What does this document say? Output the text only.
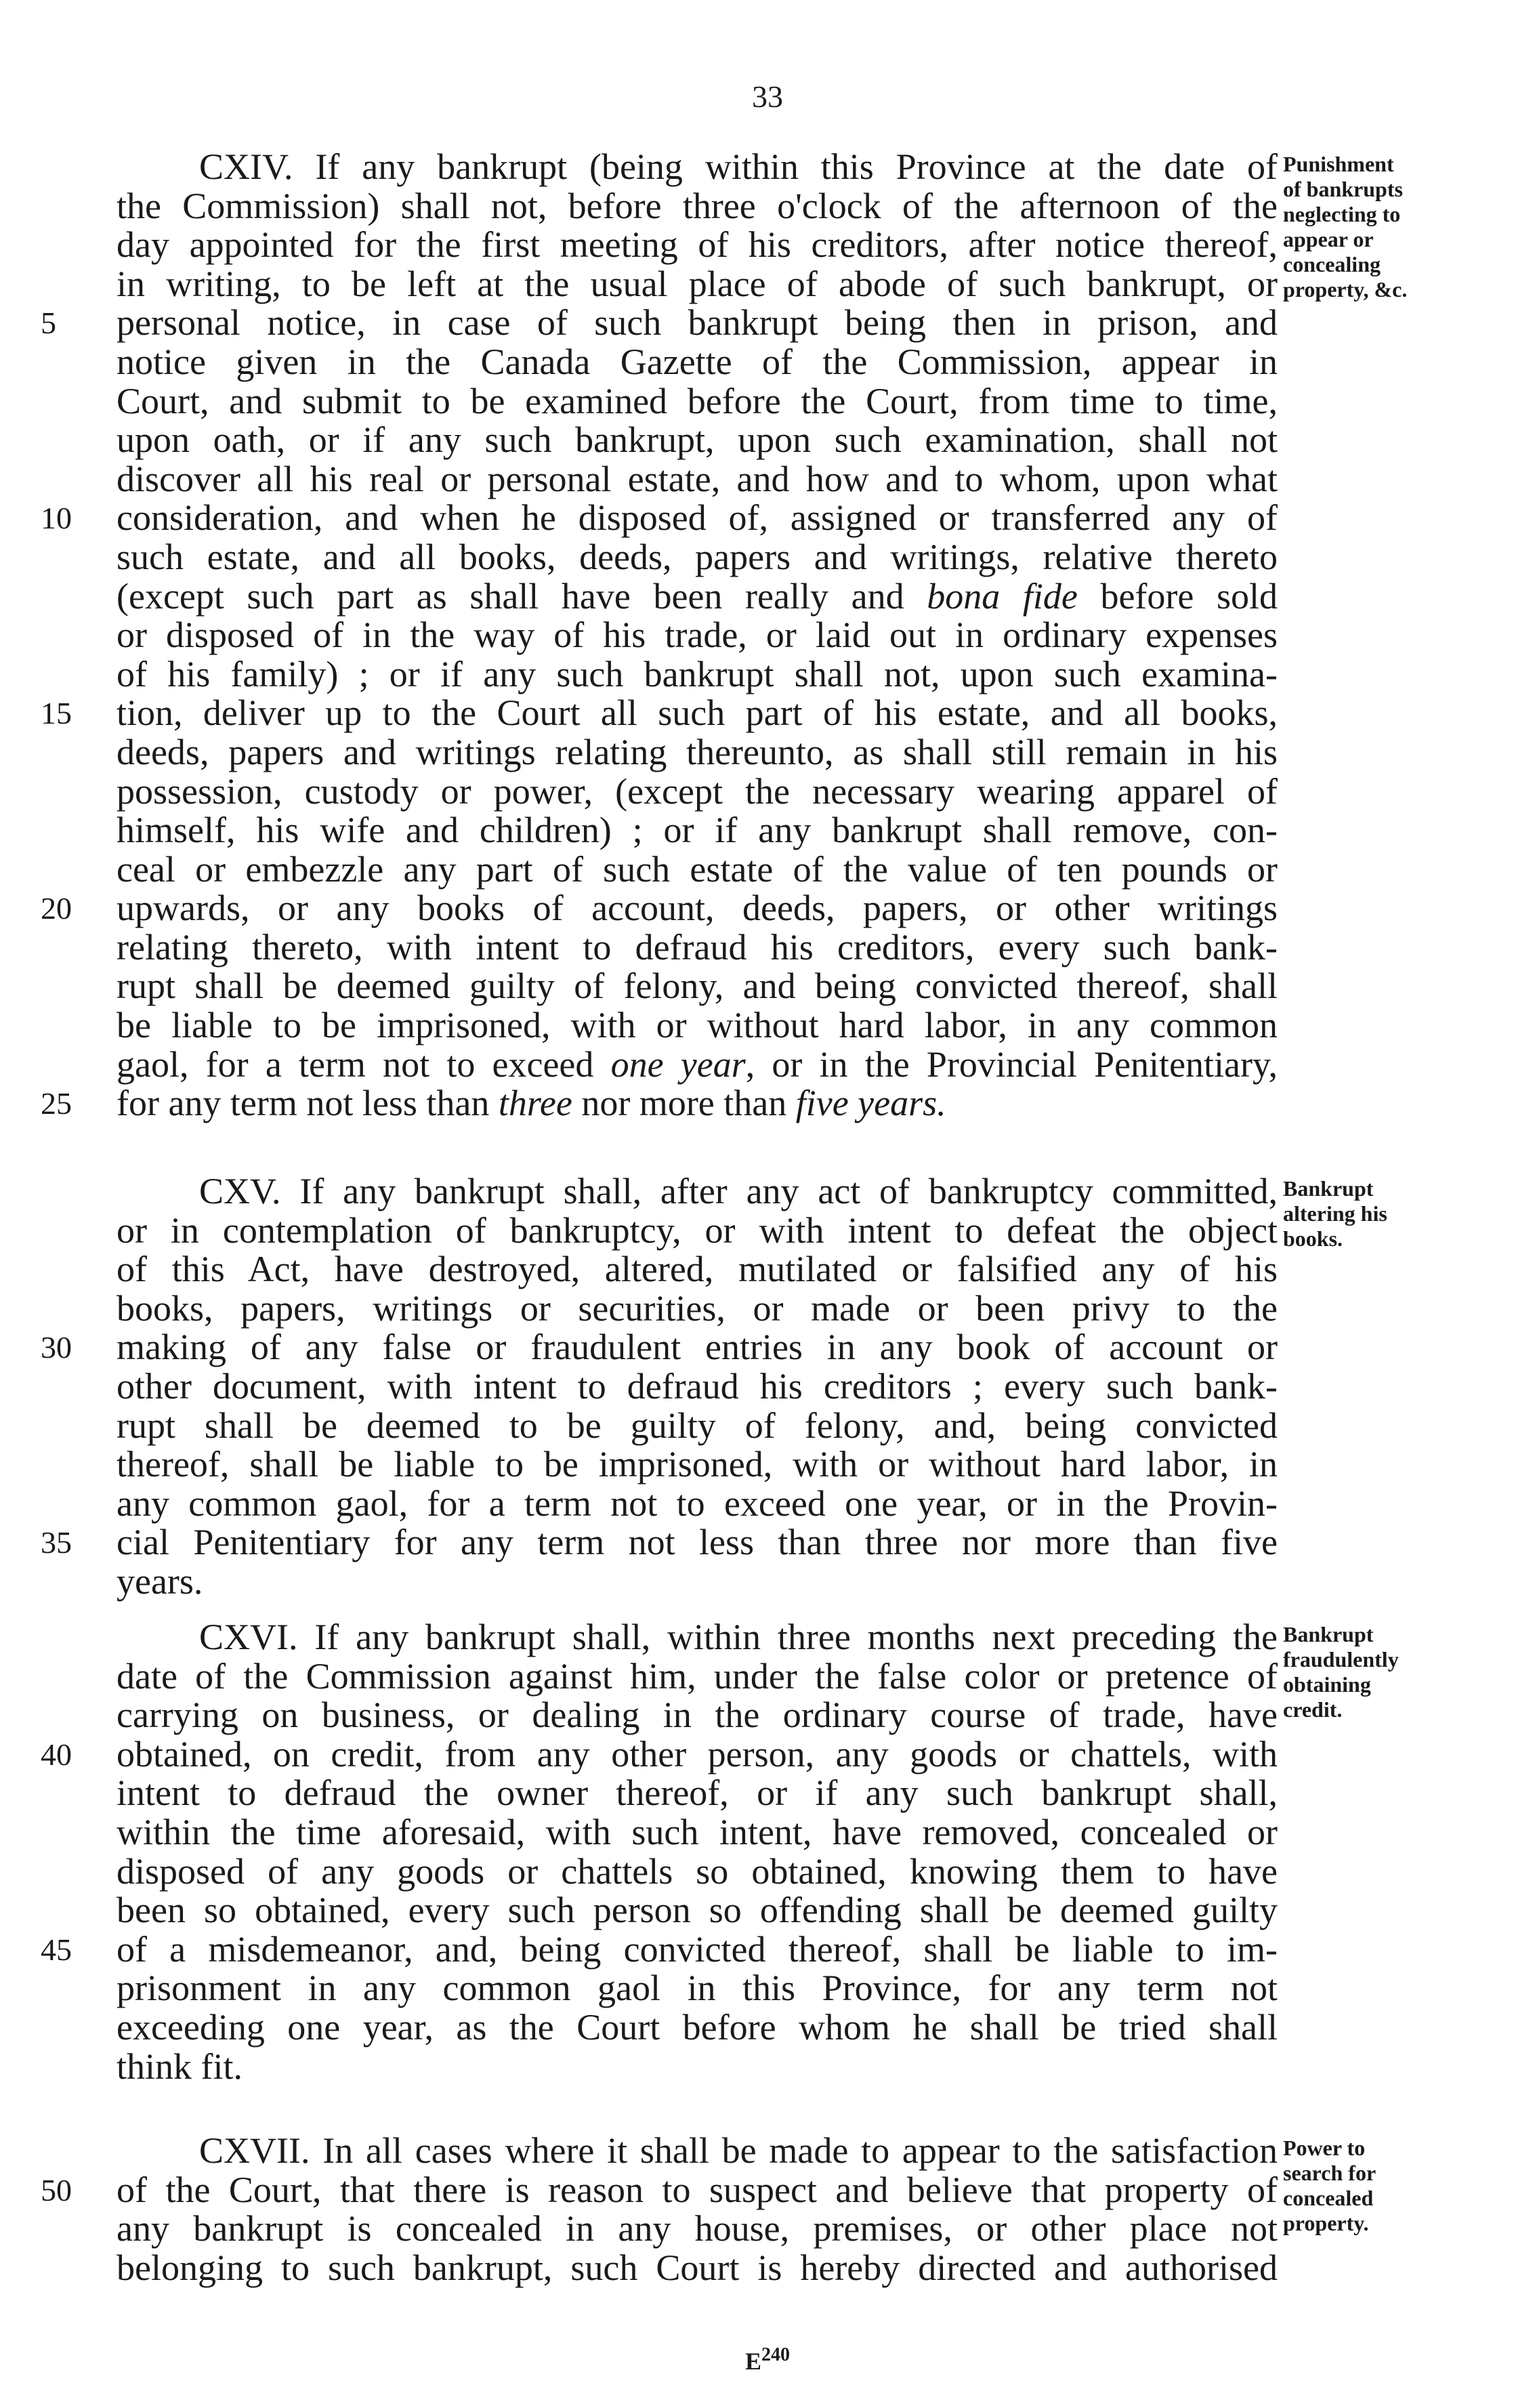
33
CXIV. If any bankrupt (being within this Province at the date of
the Commission) shall not, before three o'clock of the afternoon of the
day appointed for the first meeting of his creditors, after notice thereof,
in writing, to be left at the usual place of abode of such bankrupt, or
personal notice, in case of such bankrupt being then in prison, and
5
notice given in the Canada Gazette of the Commission, appear in
Court, and submit to be examined before the Court, from time to time,
upon oath, or if any such bankrupt, upon such examination, shall not
discover all his real or personal estate, and how and to whom, upon what
consideration, and when he disposed of, assigned or transferred any of
10
such estate, and all books, deeds, papers and writings, relative thereto
(except such part as shall have been really and bona fide before sold
or disposed of in the way of his trade, or laid out in ordinary expenses
of his family) ; or if any such bankrupt shall not, upon such examina-
tion, deliver up to the Court all such part of his estate, and all books,
15
deeds, papers and writings relating thereunto, as shall still remain in his
possession, custody or power, (except the necessary wearing apparel of
himself, his wife and children) ; or if any bankrupt shall remove, con-
ceal or embezzle any part of such estate of the value of ten pounds or
upwards, or any books of account, deeds, papers, or other writings
20
relating thereto, with intent to defraud his creditors, every such bank-
rupt shall be deemed guilty of felony, and being convicted thereof, shall
be liable to be imprisoned, with or without hard labor, in any common
gaol, for a term not to exceed one year, or in the Provincial Penitentiary,
for any term not less than three nor more than five years.
25
Punishment
of bankrupts
neglecting to
appear or
concealing
property, &c.
CXV. If any bankrupt shall, after any act of bankruptcy committed,
or in contemplation of bankruptcy, or with intent to defeat the object
of this Act, have destroyed, altered, mutilated or falsified any of his
books, papers, writings or securities, or made or been privy to the
making of any false or fraudulent entries in any book of account or
30
other document, with intent to defraud his creditors ; every such bank-
rupt shall be deemed to be guilty of felony, and, being convicted
thereof, shall be liable to be imprisoned, with or without hard labor, in
any common gaol, for a term not to exceed one year, or in the Provin-
cial Penitentiary for any term not less than three nor more than five
35
years.
Bankrupt
altering his
books.
CXVI. If any bankrupt shall, within three months next preceding the
date of the Commission against him, under the false color or pretence of
carrying on business, or dealing in the ordinary course of trade, have
obtained, on credit, from any other person, any goods or chattels, with
40
intent to defraud the owner thereof, or if any such bankrupt shall,
within the time aforesaid, with such intent, have removed, concealed or
disposed of any goods or chattels so obtained, knowing them to have
been so obtained, every such person so offending shall be deemed guilty
of a misdemeanor, and, being convicted thereof, shall be liable to im-
45
prisonment in any common gaol in this Province, for any term not
exceeding one year, as the Court before whom he shall be tried shall
think fit.
Bankrupt
fraudulently
obtaining
credit.
CXVII. In all cases where it shall be made to appear to the satisfaction
of the Court, that there is reason to suspect and believe that property of
50
any bankrupt is concealed in any house, premises, or other place not
belonging to such bankrupt, such Court is hereby directed and authorised
Power to
search for
concealed
property.
$E^{240}$
